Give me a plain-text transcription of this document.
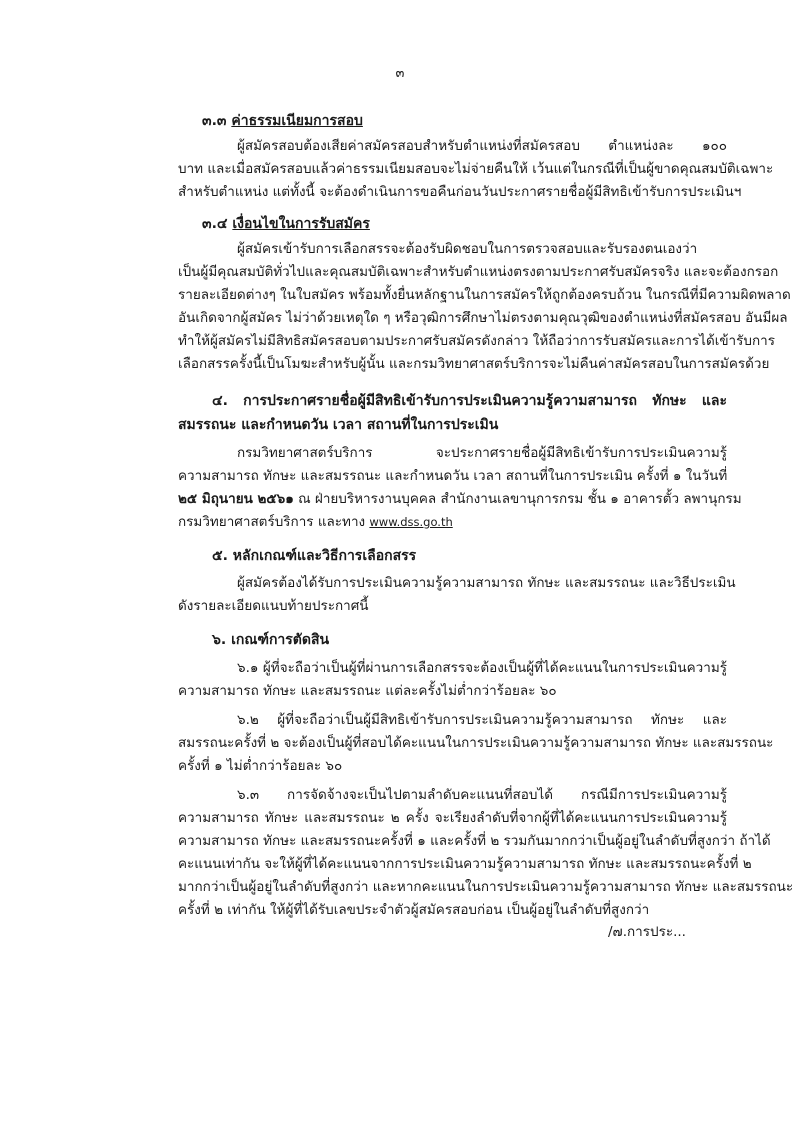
๓
๓.๓ ค่าธรรมเนียมการสอบ
ผู้สมัครสอบต้องเสียค่าสมัครสอบสำหรับตำแหน่งที่สมัครสอบ ตำแหน่งละ ๑๐๐
บาท และเมื่อสมัครสอบแล้วค่าธรรมเนียมสอบจะไม่จ่ายคืนให้ เว้นแต่ในกรณีที่เป็นผู้ขาดคุณสมบัติเฉพาะ
สำหรับตำแหน่ง แต่ทั้งนี้ จะต้องดำเนินการขอคืนก่อนวันประกาศรายชื่อผู้มีสิทธิเข้ารับการประเมินฯ
๓.๔ เงื่อนไขในการรับสมัคร
ผู้สมัครเข้ารับการเลือกสรรจะต้องรับผิดชอบในการตรวจสอบและรับรองตนเองว่า
เป็นผู้มีคุณสมบัติทั่วไปและคุณสมบัติเฉพาะสำหรับตำแหน่งตรงตามประกาศรับสมัครจริง และจะต้องกรอก
รายละเอียดต่างๆ ในใบสมัคร พร้อมทั้งยื่นหลักฐานในการสมัครให้ถูกต้องครบถ้วน ในกรณีที่มีความผิดพลาด
อันเกิดจากผู้สมัคร ไม่ว่าด้วยเหตุใด ๆ หรือวุฒิการศึกษาไม่ตรงตามคุณวุฒิของตำแหน่งที่สมัครสอบ อันมีผล
ทำให้ผู้สมัครไม่มีสิทธิสมัครสอบตามประกาศรับสมัครดังกล่าว ให้ถือว่าการรับสมัครและการได้เข้ารับการ
เลือกสรรครั้งนี้เป็นโมฆะสำหรับผู้นั้น และกรมวิทยาศาสตร์บริการจะไม่คืนค่าสมัครสอบในการสมัครด้วย
๔. การประกาศรายชื่อผู้มีสิทธิเข้ารับการประเมินความรู้ความสามารถ ทักษะ และ
สมรรถนะ และกำหนดวัน เวลา สถานที่ในการประเมิน
กรมวิทยาศาสตร์บริการ จะประกาศรายชื่อผู้มีสิทธิเข้ารับการประเมินความรู้
ความสามารถ ทักษะ และสมรรถนะ และกำหนดวัน เวลา สถานที่ในการประเมิน ครั้งที่ ๑ ในวันที่
๒๕ มิถุนายน ๒๕๖๑ ณ ฝ่ายบริหารงานบุคคล สำนักงานเลขานุการกรม ชั้น ๑ อาคารตั้ว ลพานุกรม
กรมวิทยาศาสตร์บริการ และทาง www.dss.go.th
๕. หลักเกณฑ์และวิธีการเลือกสรร
ผู้สมัครต้องได้รับการประเมินความรู้ความสามารถ ทักษะ และสมรรถนะ และวิธีประเมิน
ดังรายละเอียดแนบท้ายประกาศนี้
๖. เกณฑ์การตัดสิน
๖.๑ ผู้ที่จะถือว่าเป็นผู้ที่ผ่านการเลือกสรรจะต้องเป็นผู้ที่ได้คะแนนในการประเมินความรู้
ความสามารถ ทักษะ และสมรรถนะ แต่ละครั้งไม่ต่ำกว่าร้อยละ ๖๐
๖.๒ ผู้ที่จะถือว่าเป็นผู้มีสิทธิเข้ารับการประเมินความรู้ความสามารถ ทักษะ และ
สมรรถนะครั้งที่ ๒ จะต้องเป็นผู้ที่สอบได้คะแนนในการประเมินความรู้ความสามารถ ทักษะ และสมรรถนะ
ครั้งที่ ๑ ไม่ต่ำกว่าร้อยละ ๖๐
๖.๓ การจัดจ้างจะเป็นไปตามลำดับคะแนนที่สอบได้ กรณีมีการประเมินความรู้
ความสามารถ ทักษะ และสมรรถนะ ๒ ครั้ง จะเรียงลำดับที่จากผู้ที่ได้คะแนนการประเมินความรู้
ความสามารถ ทักษะ และสมรรถนะครั้งที่ ๑ และครั้งที่ ๒ รวมกันมากกว่าเป็นผู้อยู่ในลำดับที่สูงกว่า ถ้าได้
คะแนนเท่ากัน จะให้ผู้ที่ได้คะแนนจากการประเมินความรู้ความสามารถ ทักษะ และสมรรถนะครั้งที่ ๒
มากกว่าเป็นผู้อยู่ในลำดับที่สูงกว่า และหากคะแนนในการประเมินความรู้ความสามารถ ทักษะ และสมรรถนะ
ครั้งที่ ๒ เท่ากัน ให้ผู้ที่ได้รับเลขประจำตัวผู้สมัครสอบก่อน เป็นผู้อยู่ในลำดับที่สูงกว่า
/๗.การประ...
